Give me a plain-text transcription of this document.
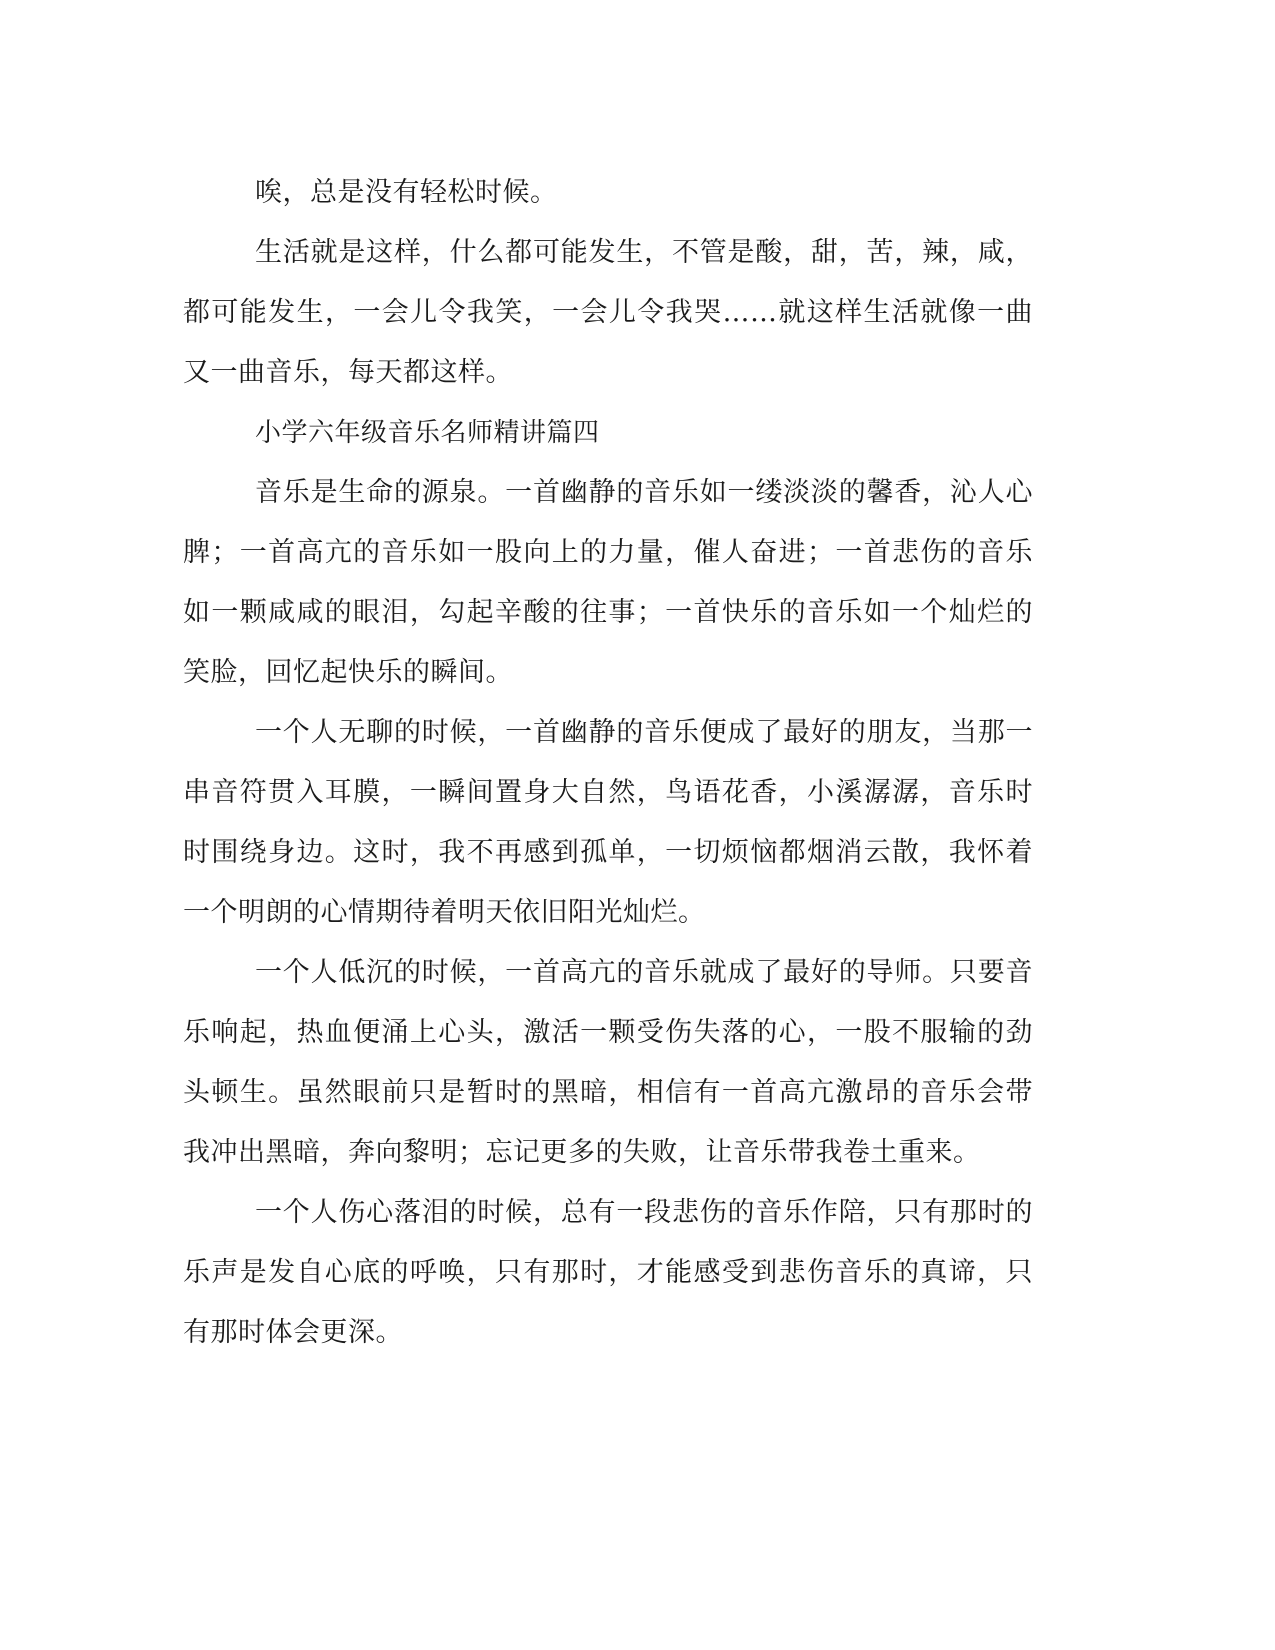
唉，总是没有轻松时候。

生活就是这样，什么都可能发生，不管是酸，甜，苦，辣，咸，都可能发生，一会儿令我笑，一会儿令我哭……就这样生活就像一曲又一曲音乐，每天都这样。

小学六年级音乐名师精讲篇四

音乐是生命的源泉。一首幽静的音乐如一缕淡淡的馨香，沁人心脾；一首高亢的音乐如一股向上的力量，催人奋进；一首悲伤的音乐如一颗咸咸的眼泪，勾起辛酸的往事；一首快乐的音乐如一个灿烂的笑脸，回忆起快乐的瞬间。

一个人无聊的时候，一首幽静的音乐便成了最好的朋友，当那一串音符贯入耳膜，一瞬间置身大自然，鸟语花香，小溪潺潺，音乐时时围绕身边。这时，我不再感到孤单，一切烦恼都烟消云散，我怀着一个明朗的心情期待着明天依旧阳光灿烂。

一个人低沉的时候，一首高亢的音乐就成了最好的导师。只要音乐响起，热血便涌上心头，激活一颗受伤失落的心，一股不服输的劲头顿生。虽然眼前只是暂时的黑暗，相信有一首高亢激昂的音乐会带我冲出黑暗，奔向黎明；忘记更多的失败，让音乐带我卷土重来。

一个人伤心落泪的时候，总有一段悲伤的音乐作陪，只有那时的乐声是发自心底的呼唤，只有那时，才能感受到悲伤音乐的真谛，只有那时体会更深。
